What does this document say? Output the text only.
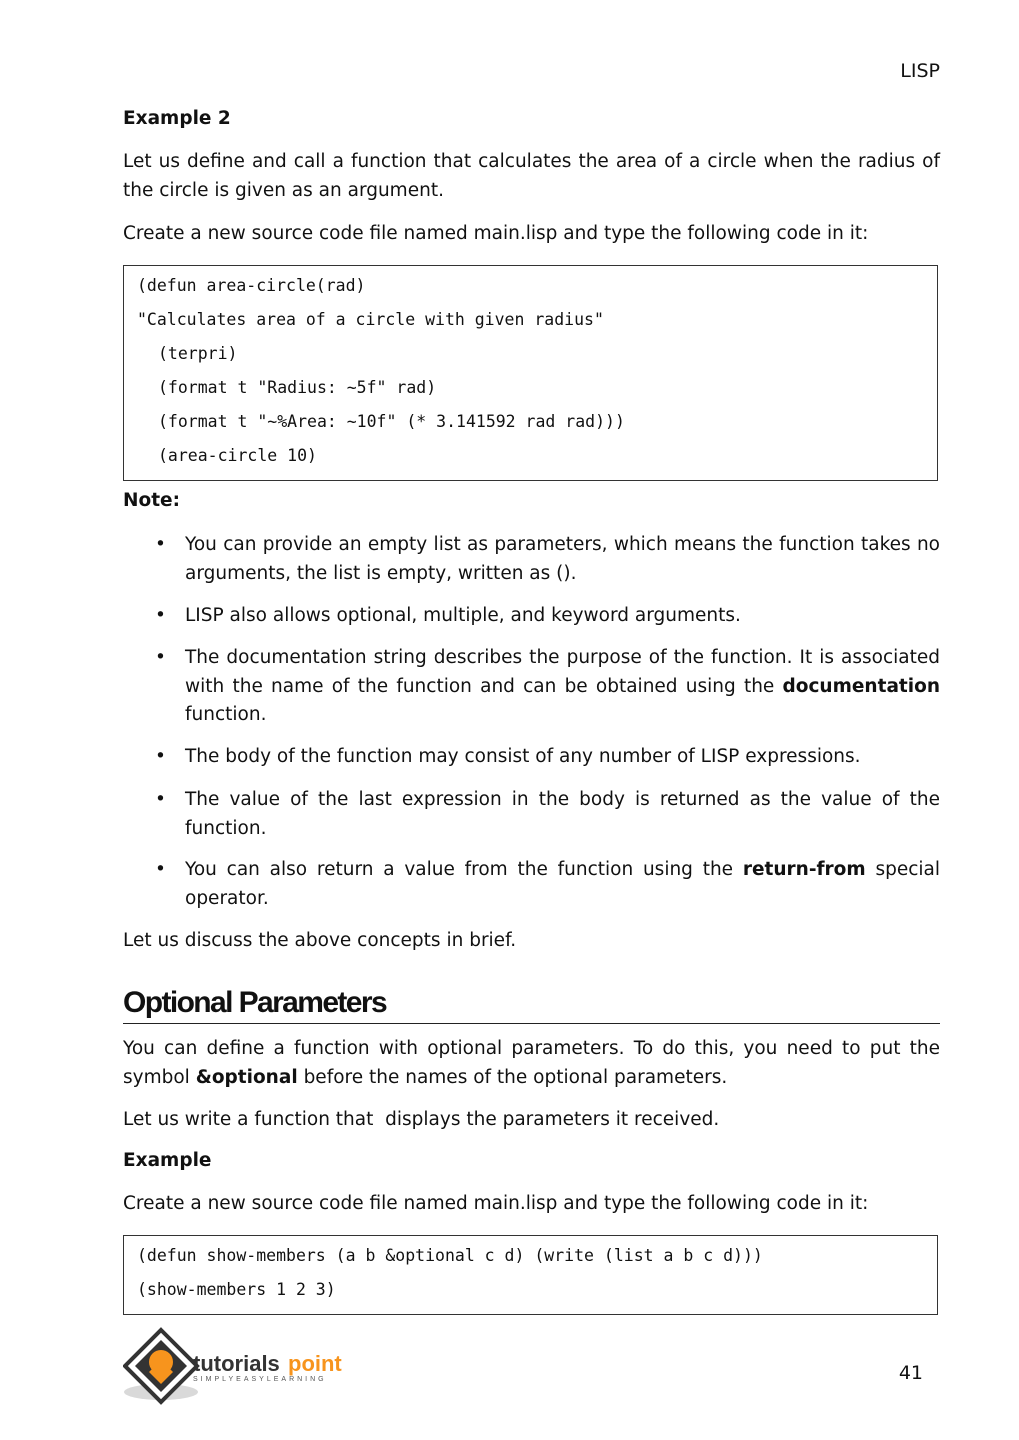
LISP
Example 2
Let us define and call a function that calculates the area of a circle when the radius of the circle is given as an argument.
Create a new source code file named main.lisp and type the following code in it:
(defun area-circle(rad)
"Calculates area of a circle with given radius"
(terpri)
(format t "Radius: ~5f" rad)
(format t "~%Area: ~10f" (* 3.141592 rad rad)))
(area-circle 10)
Note:
• You can provide an empty list as parameters, which means the function takes no arguments, the list is empty, written as ().
• LISP also allows optional, multiple, and keyword arguments.
• The documentation string describes the purpose of the function. It is associated with the name of the function and can be obtained using the documentation function.
• The body of the function may consist of any number of LISP expressions.
• The value of the last expression in the body is returned as the value of the function.
• You can also return a value from the function using the return-from special operator.
Let us discuss the above concepts in brief.
Optional Parameters
You can define a function with optional parameters. To do this, you need to put the symbol &optional before the names of the optional parameters.
Let us write a function that  displays the parameters it received.
Example
Create a new source code file named main.lisp and type the following code in it:
(defun show-members (a b &optional c d) (write (list a b c d)))
(show-members 1 2 3)
tutorials point
SIMPLYEASYLEARNING	41
